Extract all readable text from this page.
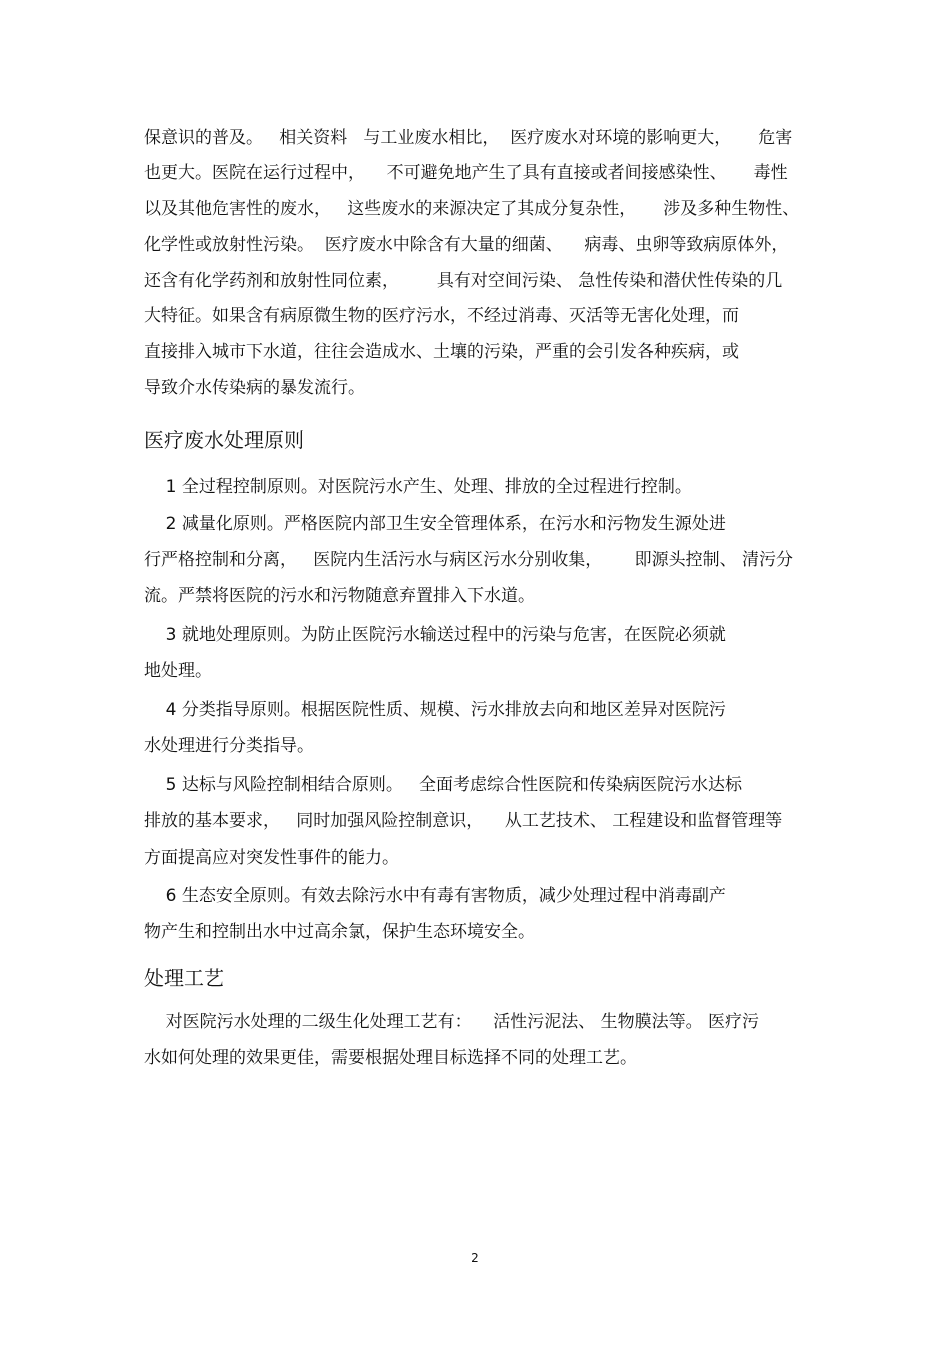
保意识的普及。   相关资料   与工业废水相比，  医疗废水对环境的影响更大，     危害
也更大。医院在运行过程中，    不可避免地产生了具有直接或者间接感染性、     毒性
以及其他危害性的废水，   这些废水的来源决定了其成分复杂性，     涉及多种生物性、
化学性或放射性污染。  医疗废水中除含有大量的细菌、    病毒、虫卵等致病原体外，
还含有化学药剂和放射性同位素，       具有对空间污染、 急性传染和潜伏性传染的几
大特征。如果含有病原微生物的医疗污水，不经过消毒、灭活等无害化处理，而
直接排入城市下水道，往往会造成水、土壤的污染，严重的会引发各种疾病，或
导致介水传染病的暴发流行。
医疗废水处理原则
1 全过程控制原则。对医院污水产生、处理、排放的全过程进行控制。
2 减量化原则。严格医院内部卫生安全管理体系，在污水和污物发生源处进
行严格控制和分离，   医院内生活污水与病区污水分别收集，      即源头控制、 清污分
流。严禁将医院的污水和污物随意弃置排入下水道。
3 就地处理原则。为防止医院污水输送过程中的污染与危害，在医院必须就
地处理。
4 分类指导原则。根据医院性质、规模、污水排放去向和地区差异对医院污
水处理进行分类指导。
5 达标与风险控制相结合原则。   全面考虑综合性医院和传染病医院污水达标
排放的基本要求，   同时加强风险控制意识，    从工艺技术、 工程建设和监督管理等
方面提高应对突发性事件的能力。
6 生态安全原则。有效去除污水中有毒有害物质，减少处理过程中消毒副产
物产生和控制出水中过高余氯，保护生态环境安全。
处理工艺
对医院污水处理的二级生化处理工艺有：    活性污泥法、 生物膜法等。 医疗污
水如何处理的效果更佳，需要根据处理目标选择不同的处理工艺。
2
